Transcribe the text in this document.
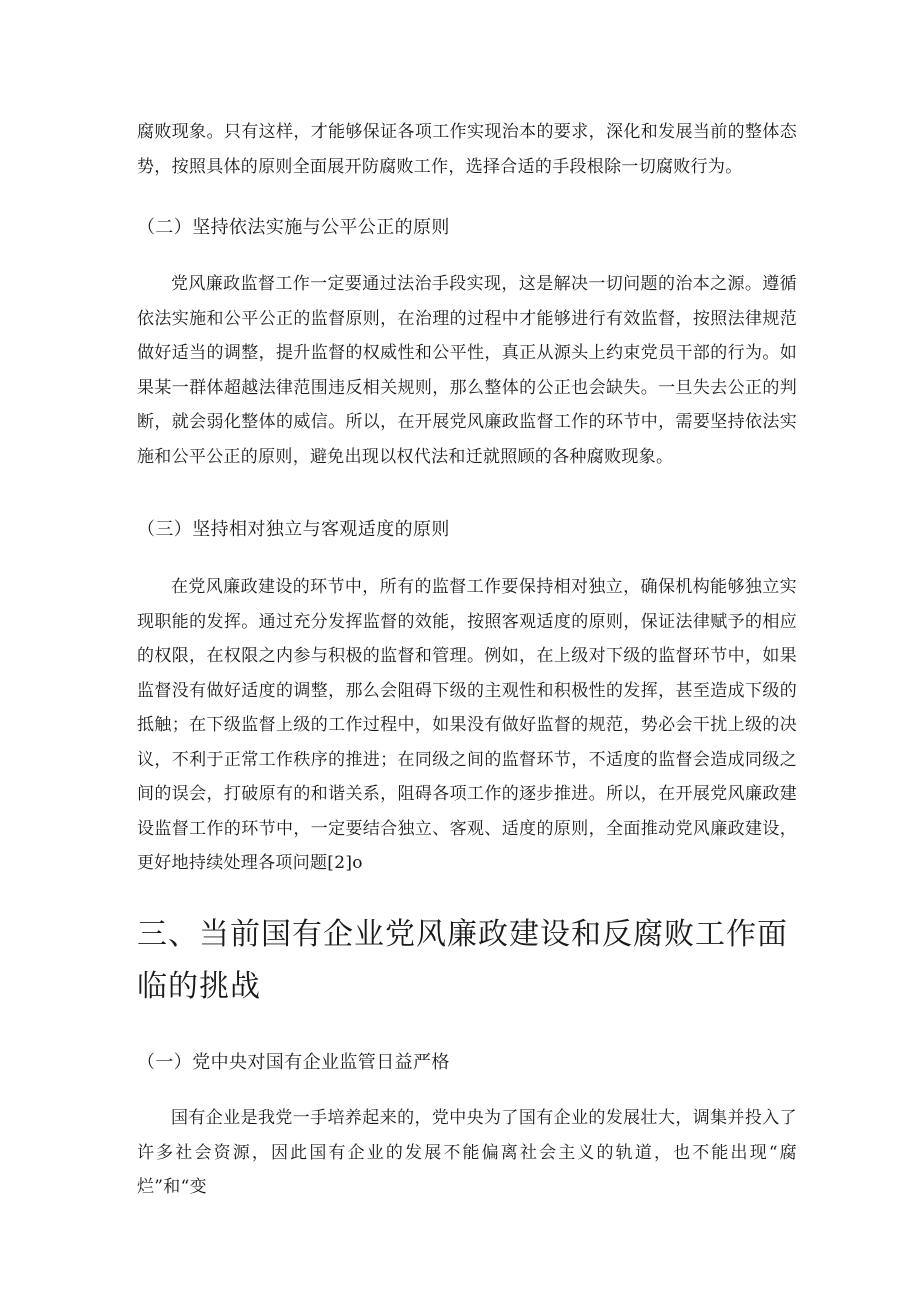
腐败现象。只有这样，才能够保证各项工作实现治本的要求，深化和发展当前的整体态势，按照具体的原则全面展开防腐败工作，选择合适的手段根除一切腐败行为。

（二）坚持依法实施与公平公正的原则

党风廉政监督工作一定要通过法治手段实现，这是解决一切问题的治本之源。遵循依法实施和公平公正的监督原则，在治理的过程中才能够进行有效监督，按照法律规范做好适当的调整，提升监督的权威性和公平性，真正从源头上约束党员干部的行为。如果某一群体超越法律范围违反相关规则，那么整体的公正也会缺失。一旦失去公正的判断，就会弱化整体的威信。所以，在开展党风廉政监督工作的环节中，需要坚持依法实施和公平公正的原则，避免出现以权代法和迁就照顾的各种腐败现象。

（三）坚持相对独立与客观适度的原则

在党风廉政建设的环节中，所有的监督工作要保持相对独立，确保机构能够独立实现职能的发挥。通过充分发挥监督的效能，按照客观适度的原则，保证法律赋予的相应的权限，在权限之内参与积极的监督和管理。例如，在上级对下级的监督环节中，如果监督没有做好适度的调整，那么会阻碍下级的主观性和积极性的发挥，甚至造成下级的抵触；在下级监督上级的工作过程中，如果没有做好监督的规范，势必会干扰上级的决议，不利于正常工作秩序的推进；在同级之间的监督环节，不适度的监督会造成同级之间的误会，打破原有的和谐关系，阻碍各项工作的逐步推进。所以，在开展党风廉政建设监督工作的环节中，一定要结合独立、客观、适度的原则，全面推动党风廉政建设，更好地持续处理各项问题[2]o

三、当前国有企业党风廉政建设和反腐败工作面临的挑战

（一）党中央对国有企业监管日益严格

国有企业是我党一手培养起来的，党中央为了国有企业的发展壮大，调集并投入了许多社会资源，因此国有企业的发展不能偏离社会主义的轨道，也不能出现“腐烂”和“变
